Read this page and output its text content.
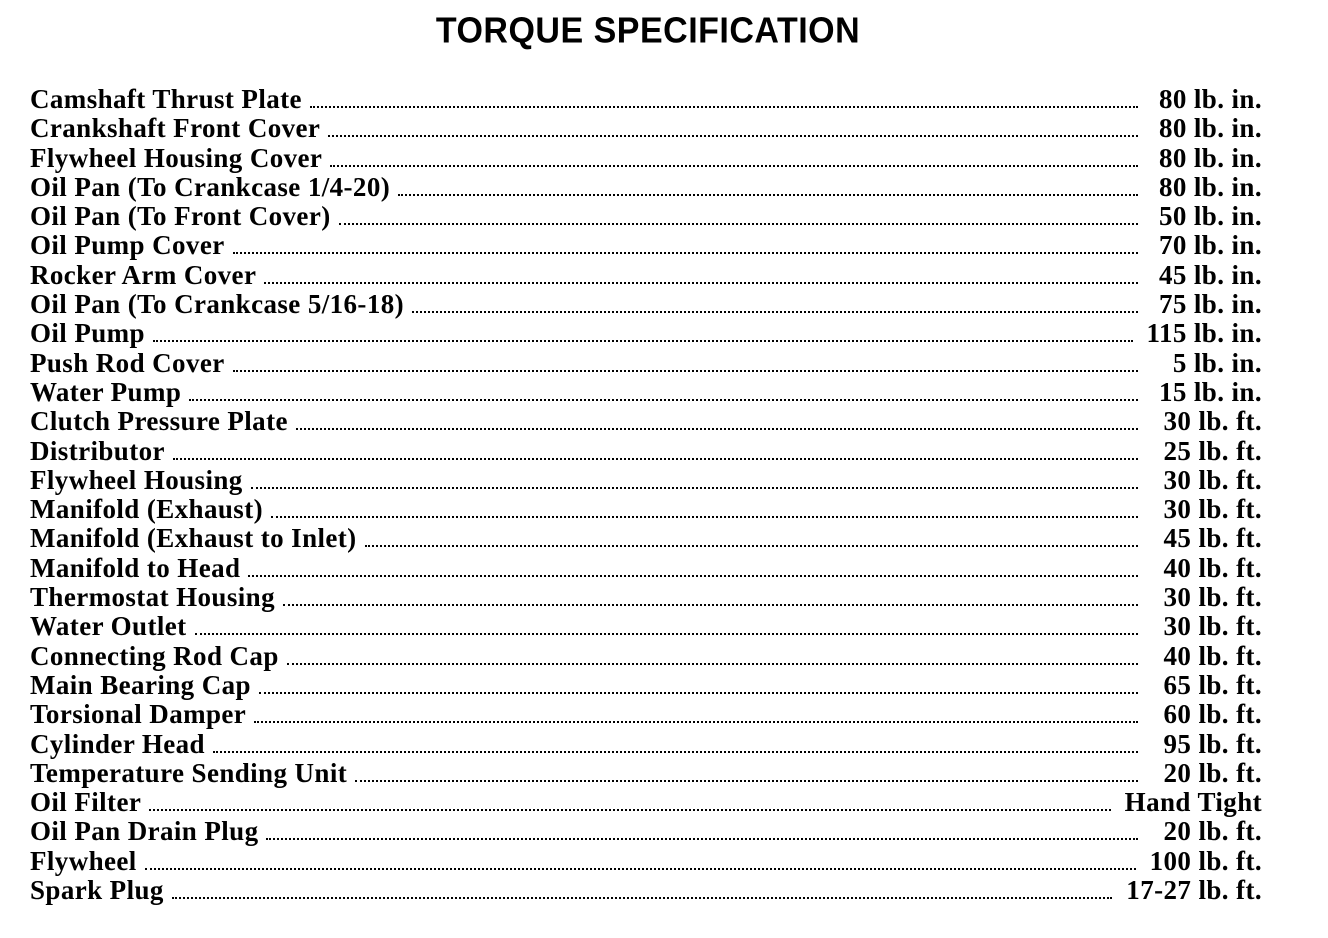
TORQUE SPECIFICATION
Camshaft Thrust Plate	80 lb. in.
Crankshaft Front Cover	80 lb. in.
Flywheel Housing Cover	80 lb. in.
Oil Pan (To Crankcase 1/4-20)	80 lb. in.
Oil Pan (To Front Cover)	50 lb. in.
Oil Pump Cover	70 lb. in.
Rocker Arm Cover	45 lb. in.
Oil Pan (To Crankcase 5/16-18)	75 lb. in.
Oil Pump	115 lb. in.
Push Rod Cover	5 lb. in.
Water Pump	15 lb. in.
Clutch Pressure Plate	30 lb. ft.
Distributor	25 lb. ft.
Flywheel Housing	30 lb. ft.
Manifold (Exhaust)	30 lb. ft.
Manifold (Exhaust to Inlet)	45 lb. ft.
Manifold to Head	40 lb. ft.
Thermostat Housing	30 lb. ft.
Water Outlet	30 lb. ft.
Connecting Rod Cap	40 lb. ft.
Main Bearing Cap	65 lb. ft.
Torsional Damper	60 lb. ft.
Cylinder Head	95 lb. ft.
Temperature Sending Unit	20 lb. ft.
Oil Filter	Hand Tight
Oil Pan Drain Plug	20 lb. ft.
Flywheel	100 lb. ft.
Spark Plug	17-27 lb. ft.
